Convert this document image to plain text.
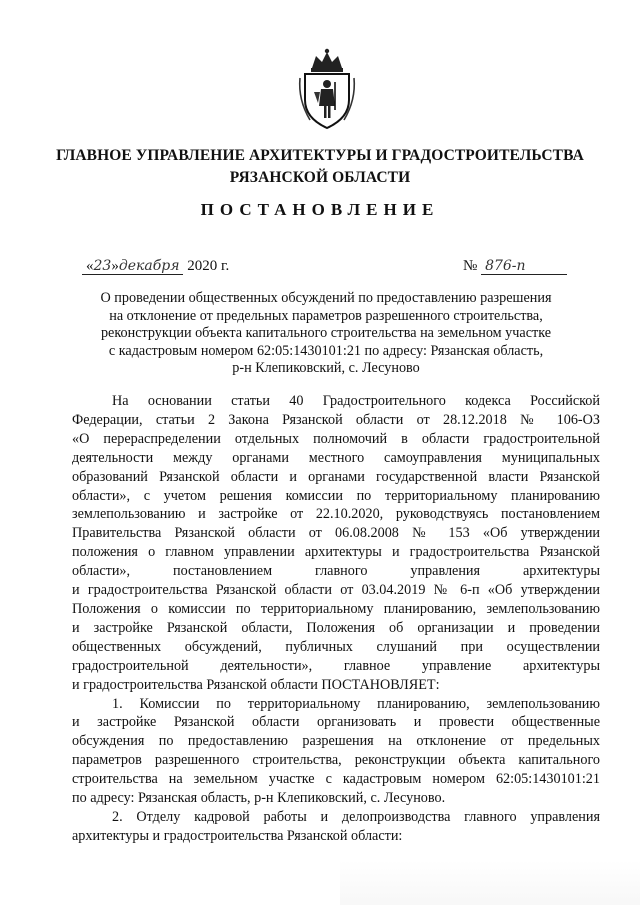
ГЛАВНОЕ УПРАВЛЕНИЕ АРХИТЕКТУРЫ И ГРАДОСТРОИТЕЛЬСТВА
РЯЗАНСКОЙ ОБЛАСТИ
ПОСТАНОВЛЕНИЕ
«23»декабря 2020 г.	№ 876-п
О проведении общественных обсуждений по предоставлению разрешения
на отклонение от предельных параметров разрешенного строительства,
реконструкции объекта капитального строительства на земельном участке
с кадастровым номером 62:05:1430101:21 по адресу: Рязанская область,
р-н Клепиковский, с. Лесуново
На основании статьи 40 Градостроительного кодекса Российской
Федерации, статьи 2 Закона Рязанской области от 28.12.2018 № 106-ОЗ
«О перераспределении отдельных полномочий в области градостроительной
деятельности между органами местного самоуправления муниципальных
образований Рязанской области и органами государственной власти Рязанской
области», с учетом решения комиссии по территориальному планированию
землепользованию и застройке от 22.10.2020, руководствуясь постановлением
Правительства Рязанской области от 06.08.2008 № 153 «Об утверждении
положения о главном управлении архитектуры и градостроительства Рязанской
области», постановлением главного управления архитектуры
и градостроительства Рязанской области от 03.04.2019 № 6-п «Об утверждении
Положения о комиссии по территориальному планированию, землепользованию
и застройке Рязанской области, Положения об организации и проведении
общественных обсуждений, публичных слушаний при осуществлении
градостроительной деятельности», главное управление архитектуры
и градостроительства Рязанской области ПОСТАНОВЛЯЕТ:
1. Комиссии по территориальному планированию, землепользованию
и застройке Рязанской области организовать и провести общественные
обсуждения по предоставлению разрешения на отклонение от предельных
параметров разрешенного строительства, реконструкции объекта капитального
строительства на земельном участке с кадастровым номером 62:05:1430101:21
по адресу: Рязанская область, р-н Клепиковский, с. Лесуново.
2. Отделу кадровой работы и делопроизводства главного управления
архитектуры и градостроительства Рязанской области:
